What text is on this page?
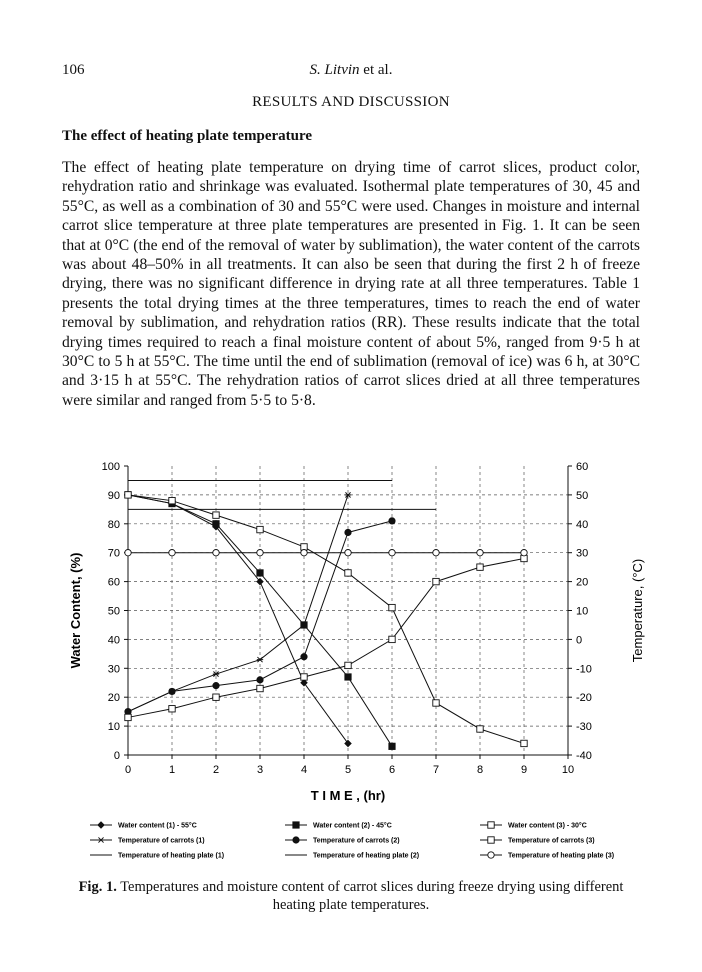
106	S. Litvin et al.
RESULTS AND DISCUSSION
The effect of heating plate temperature
The effect of heating plate temperature on drying time of carrot slices, product color, rehydration ratio and shrinkage was evaluated. Isothermal plate temperatures of 30, 45 and 55°C, as well as a combination of 30 and 55°C were used. Changes in moisture and internal carrot slice temperature at three plate temperatures are presented in Fig. 1. It can be seen that at 0°C (the end of the removal of water by sublimation), the water content of the carrots was about 48–50% in all treatments. It can also be seen that during the first 2 h of freeze drying, there was no significant difference in drying rate at all three temperatures. Table 1 presents the total drying times at the three temperatures, times to reach the end of water removal by sublimation, and rehydration ratios (RR). These results indicate that the total drying times required to reach a final moisture content of about 5%, ranged from 9·5 h at 30°C to 5 h at 55°C. The time until the end of sublimation (removal of ice) was 6 h, at 30°C and 3·15 h at 55°C. The rehydration ratios of carrot slices dried at all three temperatures were similar and ranged from 5·5 to 5·8.
0
10
20
30
40
50
60
70
80
90
100
-40
-30
-20
-10
0
10
20
30
40
50
60
0	1	2	3	4	5	6	7	8	9	10
T I M E , (hr)
Water Content, (%)	Temperature, (°C)
Water content (1) - 55°C
Temperature of carrots (1)
Temperature of heating plate (1)
Water content (2) - 45°C
Temperature of carrots (2)
Temperature of heating plate (2)
Water content (3) - 30°C
Temperature of carrots (3)
Temperature of heating plate (3)
Fig. 1. Temperatures and moisture content of carrot slices during freeze drying using different heating plate temperatures.
